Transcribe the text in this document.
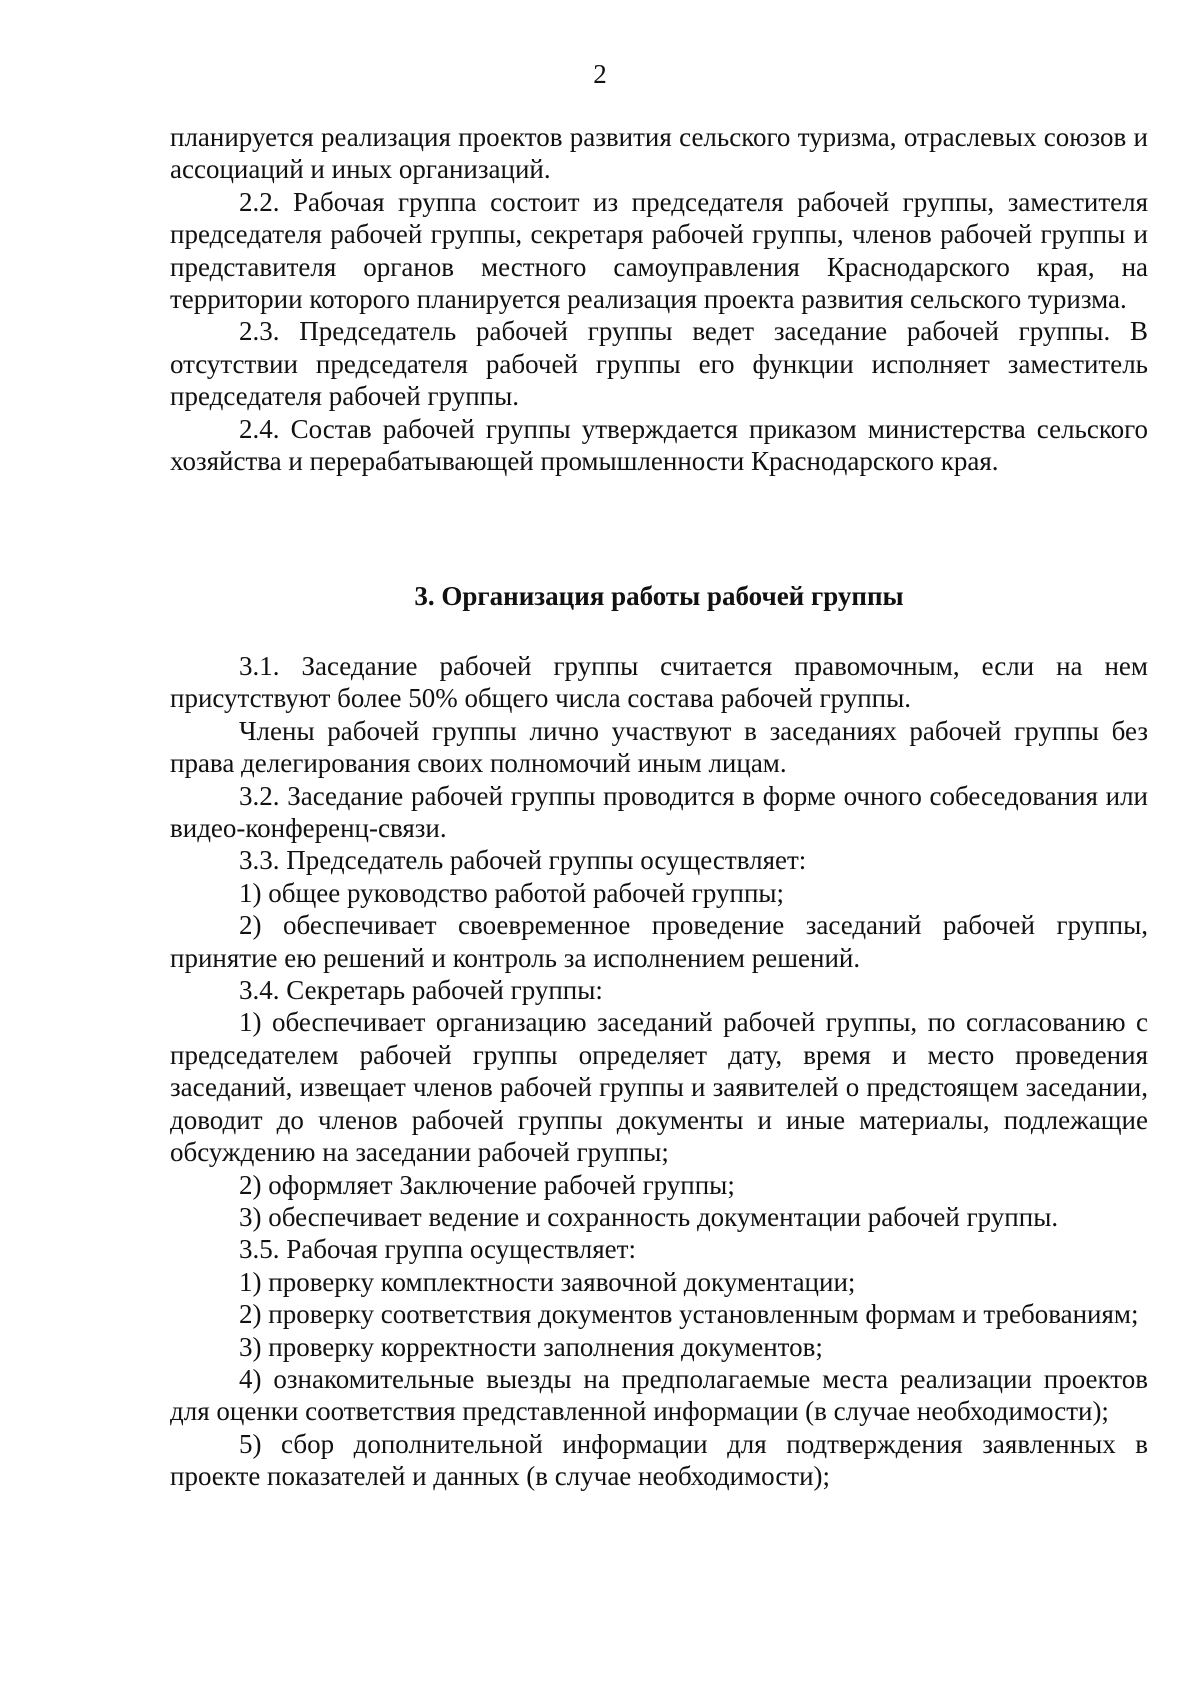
2

планируется реализация проектов развития сельского туризма, отраслевых союзов и ассоциаций и иных организаций.

2.2. Рабочая группа состоит из председателя рабочей группы, заместителя председателя рабочей группы, секретаря рабочей группы, членов рабочей группы и представителя органов местного самоуправления Краснодарского края, на территории которого планируется реализация проекта развития сельского туризма.

2.3. Председатель рабочей группы ведет заседание рабочей группы. В отсутствии председателя рабочей группы его функции исполняет заместитель председателя рабочей группы.

2.4. Состав рабочей группы утверждается приказом министерства сельского хозяйства и перерабатывающей промышленности Краснодарского края.

3. Организация работы рабочей группы

3.1. Заседание рабочей группы считается правомочным, если на нем присутствуют более 50% общего числа состава рабочей группы.

Члены рабочей группы лично участвуют в заседаниях рабочей группы без права делегирования своих полномочий иным лицам.

3.2. Заседание рабочей группы проводится в форме очного собеседования или видео-конференц-связи.

3.3. Председатель рабочей группы осуществляет:

1) общее руководство работой рабочей группы;

2) обеспечивает своевременное проведение заседаний рабочей группы, принятие ею решений и контроль за исполнением решений.

3.4. Секретарь рабочей группы:

1) обеспечивает организацию заседаний рабочей группы, по согласованию с председателем рабочей группы определяет дату, время и место проведения заседаний, извещает членов рабочей группы и заявителей о предстоящем заседании, доводит до членов рабочей группы документы и иные материалы, подлежащие обсуждению на заседании рабочей группы;

2) оформляет Заключение рабочей группы;

3) обеспечивает ведение и сохранность документации рабочей группы.

3.5. Рабочая группа осуществляет:

1) проверку комплектности заявочной документации;

2) проверку соответствия документов установленным формам и требованиям;

3) проверку корректности заполнения документов;

4) ознакомительные выезды на предполагаемые места реализации проектов для оценки соответствия представленной информации (в случае необходимости);

5) сбор дополнительной информации для подтверждения заявленных в проекте показателей и данных (в случае необходимости);
